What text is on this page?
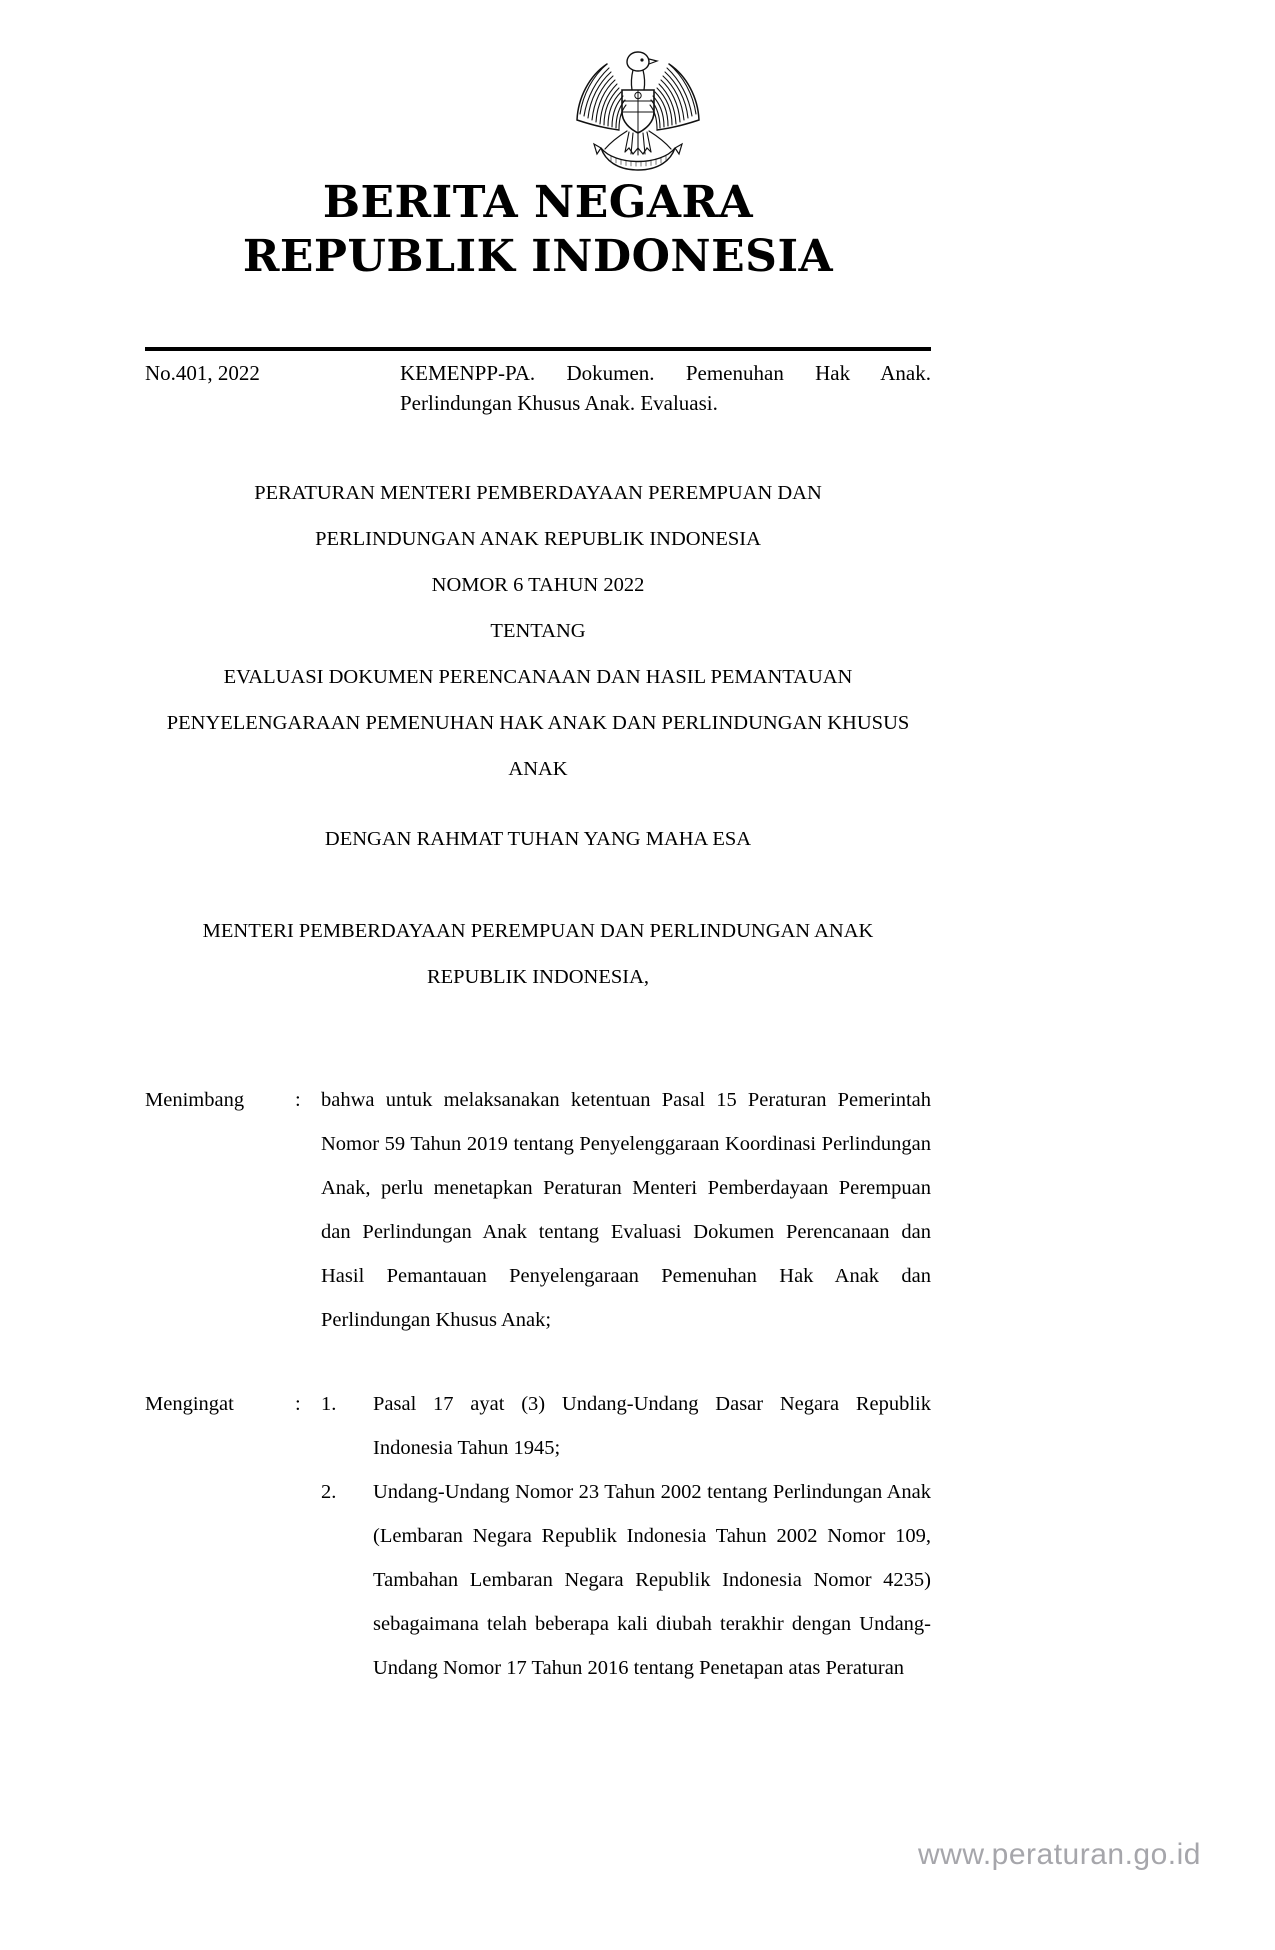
BERITA NEGARA REPUBLIK INDONESIA
No.401, 2022	KEMENPP-PA. Dokumen. Pemenuhan Hak Anak.
Perlindungan Khusus Anak. Evaluasi.
PERATURAN MENTERI PEMBERDAYAAN PEREMPUAN DAN
PERLINDUNGAN ANAK REPUBLIK INDONESIA
NOMOR 6 TAHUN 2022
TENTANG
EVALUASI DOKUMEN PERENCANAAN DAN HASIL PEMANTAUAN
PENYELENGARAAN PEMENUHAN HAK ANAK DAN PERLINDUNGAN KHUSUS
ANAK
DENGAN RAHMAT TUHAN YANG MAHA ESA
MENTERI PEMBERDAYAAN PEREMPUAN DAN PERLINDUNGAN ANAK
REPUBLIK INDONESIA,
Menimbang	: bahwa untuk melaksanakan ketentuan Pasal 15 Peraturan Pemerintah Nomor 59 Tahun 2019 tentang Penyelenggaraan Koordinasi Perlindungan Anak, perlu menetapkan Peraturan Menteri Pemberdayaan Perempuan dan Perlindungan Anak tentang Evaluasi Dokumen Perencanaan dan Hasil Pemantauan Penyelengaraan Pemenuhan Hak Anak dan Perlindungan Khusus Anak;
Mengingat	: 1.	Pasal 17 ayat (3) Undang-Undang Dasar Negara Republik Indonesia Tahun 1945;
2.	Undang-Undang Nomor 23 Tahun 2002 tentang Perlindungan Anak (Lembaran Negara Republik Indonesia Tahun 2002 Nomor 109, Tambahan Lembaran Negara Republik Indonesia Nomor 4235) sebagaimana telah beberapa kali diubah terakhir dengan Undang-Undang Nomor 17 Tahun 2016 tentang Penetapan atas Peraturan
www.peraturan.go.id
